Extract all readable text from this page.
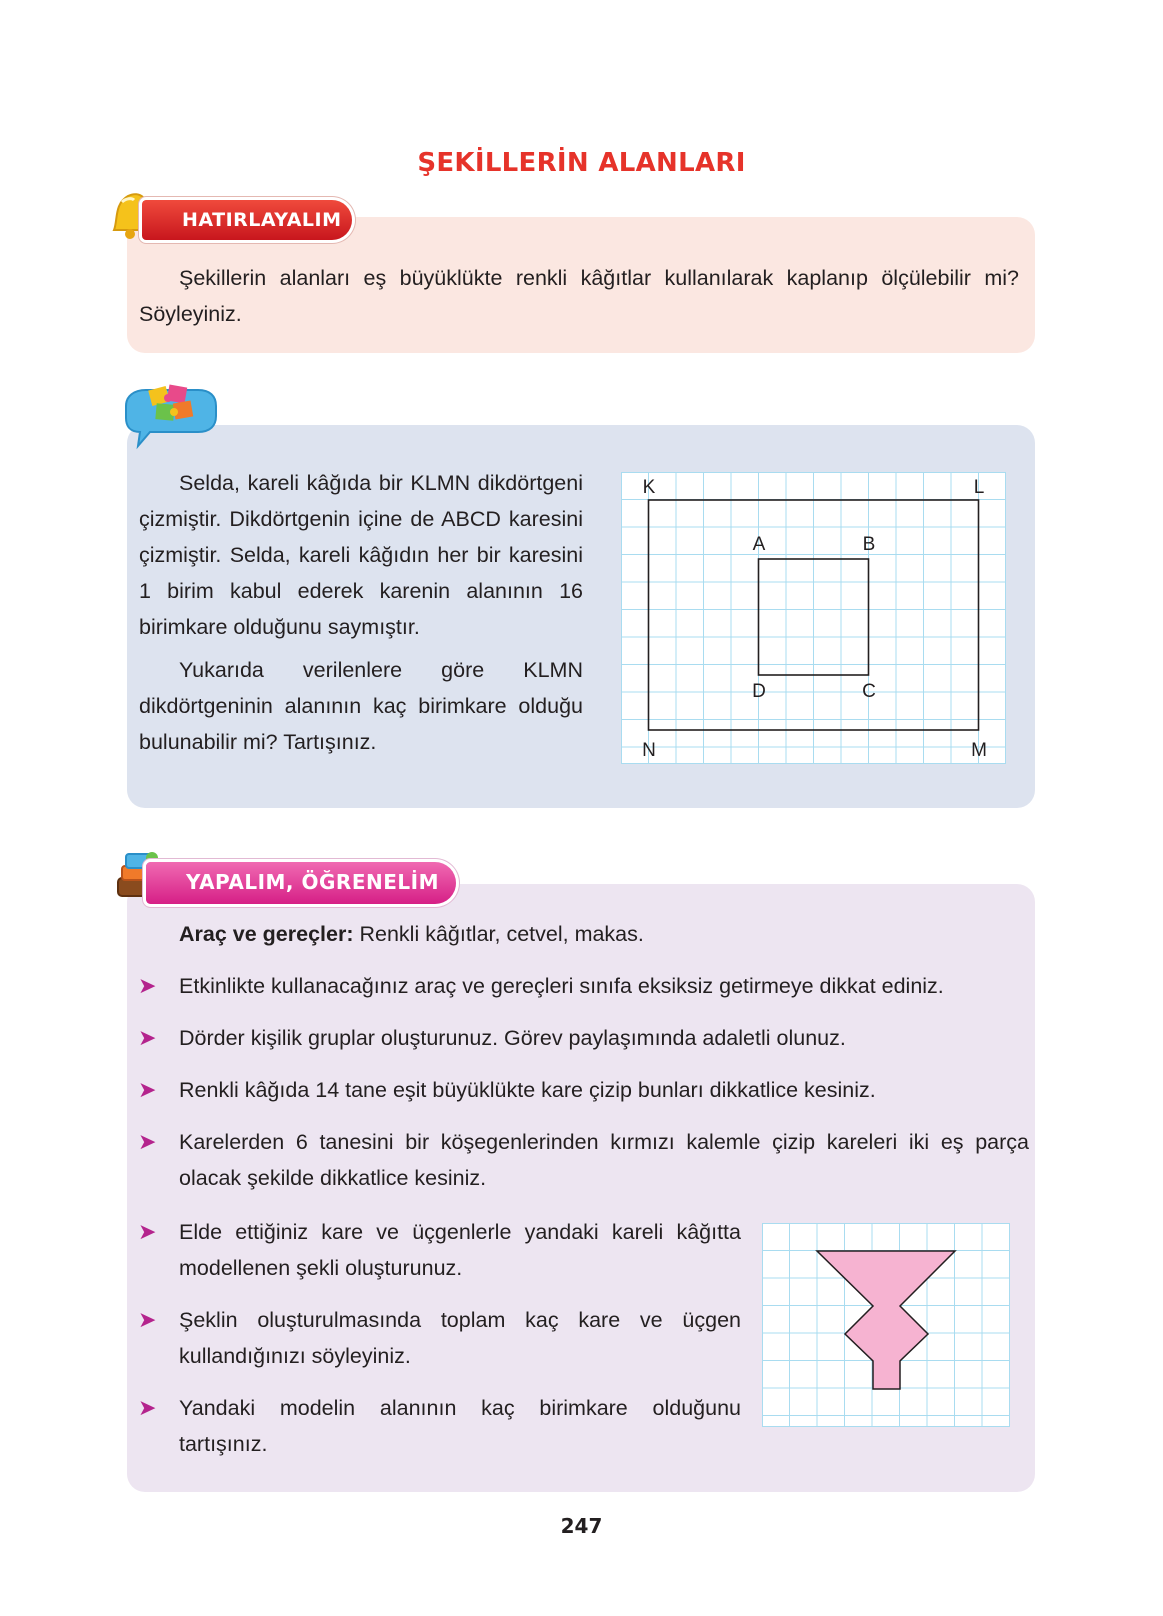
ŞEKİLLERİN ALANLARI
HATIRLAYALIM
Şekillerin alanları eş büyüklükte renkli kâğıtlar kullanılarak kaplanıp ölçülebilir mi? Söyleyiniz.
Selda, kareli kâğıda bir KLMN dikdörtgeni çizmiştir. Dikdörtgenin içine de ABCD karesini çizmiştir. Selda, kareli kâğıdın her bir karesini 1 birim kabul ederek karenin alanının 16 birimkare olduğunu saymıştır.
Yukarıda verilenlere göre KLMN dikdörtgeninin alanının kaç birimkare olduğu bulunabilir mi? Tartışınız.
K	L
N	M
A	B
D	C
YAPALIM, ÖĞRENELİM
Araç ve gereçler: Renkli kâğıtlar, cetvel, makas.
➤ Etkinlikte kullanacağınız araç ve gereçleri sınıfa eksiksiz getirmeye dikkat ediniz.
➤ Dörder kişilik gruplar oluşturunuz. Görev paylaşımında adaletli olunuz.
➤ Renkli kâğıda 14 tane eşit büyüklükte kare çizip bunları dikkatlice kesiniz.
➤ Karelerden 6 tanesini bir köşegenlerinden kırmızı kalemle çizip kareleri iki eş parça olacak şekilde dikkatlice kesiniz.
➤ Elde ettiğiniz kare ve üçgenlerle yandaki kareli kâğıtta modellenen şekli oluşturunuz.
➤ Şeklin oluşturulmasında toplam kaç kare ve üçgen kullandığınızı söyleyiniz.
➤ Yandaki modelin alanının kaç birimkare olduğunu tartışınız.
247
